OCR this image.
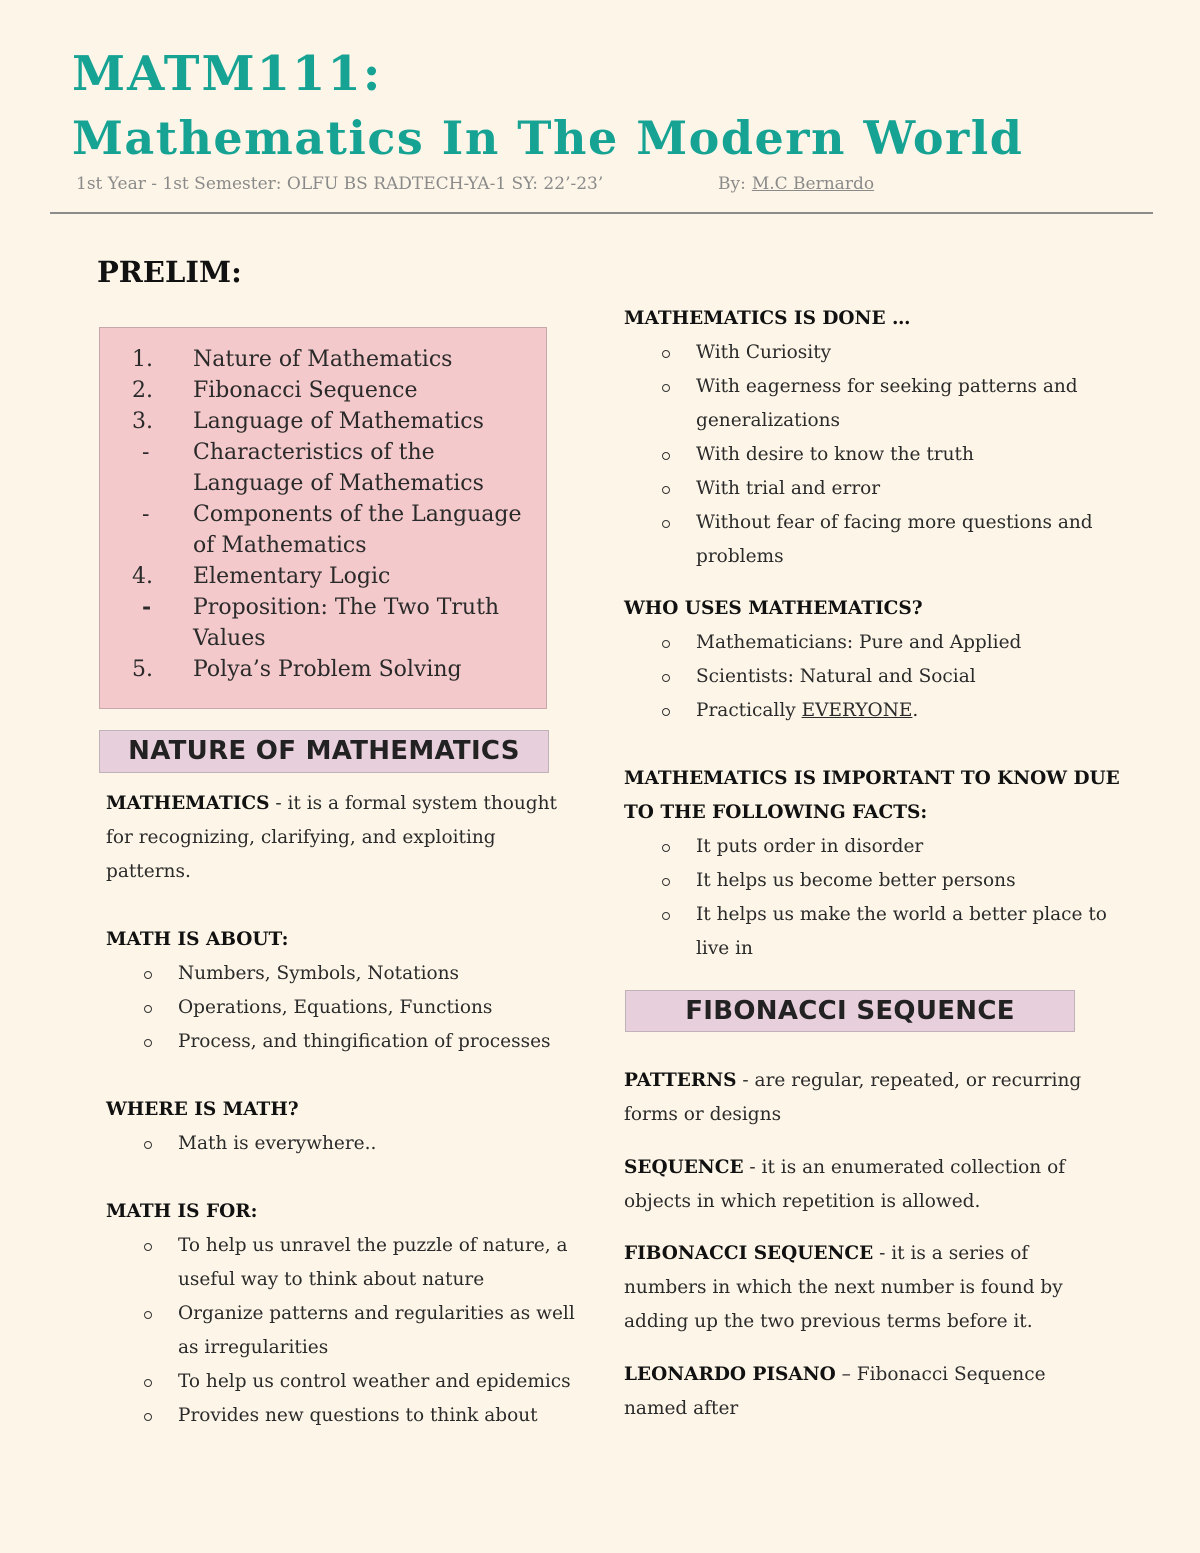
MATM111:
Mathematics In The Modern World
1st Year - 1st Semester: OLFU BS RADTECH-YA-1 SY: 22’-23’	By: M.C Bernardo
PRELIM:
1.	Nature of Mathematics
2.	Fibonacci Sequence
3.	Language of Mathematics
-	Characteristics of the Language of Mathematics
-	Components of the Language of Mathematics
4.	Elementary Logic
-	Proposition: The Two Truth Values
5.	Polya’s Problem Solving
NATURE OF MATHEMATICS

MATHEMATICS - it is a formal system thought for recognizing, clarifying, and exploiting patterns.

MATH IS ABOUT:

Numbers, Symbols, Notations
Operations, Equations, Functions
Process, and thingification of processes

WHERE IS MATH?

Math is everywhere..

MATH IS FOR:

To help us unravel the puzzle of nature, a useful way to think about nature
Organize patterns and regularities as well as irregularities
To help us control weather and epidemics
Provides new questions to think about

MATHEMATICS IS DONE …

With Curiosity
With eagerness for seeking patterns and generalizations
With desire to know the truth
With trial and error
Without fear of facing more questions and problems

WHO USES MATHEMATICS?

Mathematicians: Pure and Applied
Scientists: Natural and Social
Practically EVERYONE.

MATHEMATICS IS IMPORTANT TO KNOW DUE TO THE FOLLOWING FACTS:

It puts order in disorder
It helps us become better persons
It helps us make the world a better place to live in
FIBONACCI SEQUENCE

PATTERNS - are regular, repeated, or recurring forms or designs

SEQUENCE - it is an enumerated collection of objects in which repetition is allowed.

FIBONACCI SEQUENCE - it is a series of numbers in which the next number is found by adding up the two previous terms before it.

LEONARDO PISANO – Fibonacci Sequence named after
